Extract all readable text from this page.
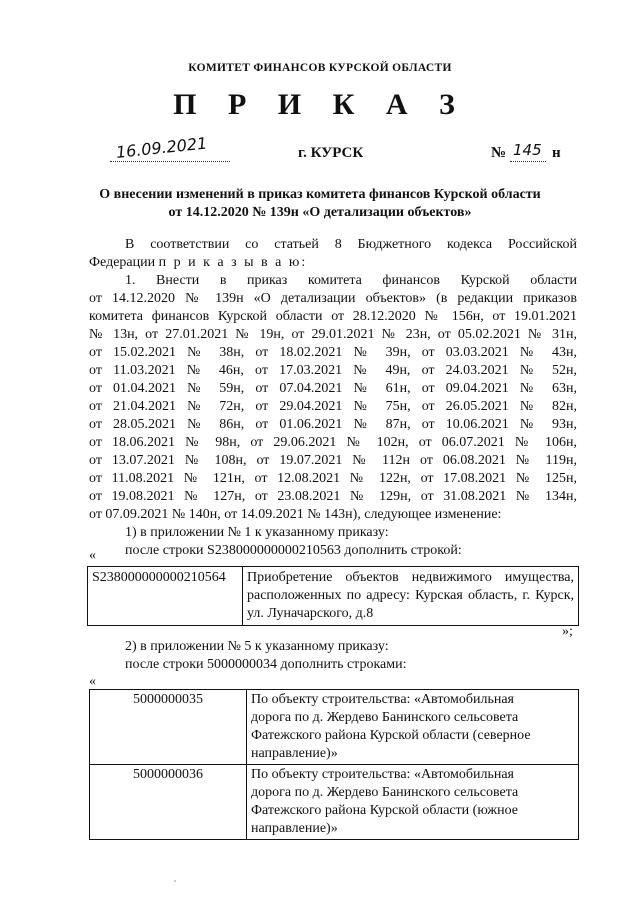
КОМИТЕТ ФИНАНСОВ КУРСКОЙ ОБЛАСТИ
П Р И К А З
16.09.2021	г. КУРСК	№ 145 н
О внесении изменений в приказ комитета финансов Курской области
от 14.12.2020 № 139н «О детализации объектов»
В соответствии со статьей 8 Бюджетного кодекса Российской
Федерации п р и к а з ы в а ю:
1. Внести в приказ комитета финансов Курской области
от 14.12.2020 № 139н «О детализации объектов» (в редакции приказов
комитета финансов Курской области от 28.12.2020 № 156н, от 19.01.2021
№ 13н, от 27.01.2021 № 19н, от 29.01.2021 № 23н, от 05.02.2021 № 31н,
от 15.02.2021 № 38н, от 18.02.2021 № 39н, от 03.03.2021 № 43н,
от 11.03.2021 № 46н, от 17.03.2021 № 49н, от 24.03.2021 № 52н,
от 01.04.2021 № 59н, от 07.04.2021 № 61н, от 09.04.2021 № 63н,
от 21.04.2021 № 72н, от 29.04.2021 № 75н, от 26.05.2021 № 82н,
от 28.05.2021 № 86н, от 01.06.2021 № 87н, от 10.06.2021 № 93н,
от 18.06.2021 № 98н, от 29.06.2021 № 102н, от 06.07.2021 № 106н,
от 13.07.2021 № 108н, от 19.07.2021 № 112н от 06.08.2021 № 119н,
от 11.08.2021 № 121н, от 12.08.2021 № 122н, от 17.08.2021 № 125н,
от 19.08.2021 № 127н, от 23.08.2021 № 129н, от 31.08.2021 № 134н,
от 07.09.2021 № 140н, от 14.09.2021 № 143н), следующее изменение:
1) в приложении № 1 к указанному приказу:
после строки S238000000000210563 дополнить строкой:
«
S238000000000210564	Приобретение объектов недвижимого имущества, расположенных по адресу: Курская область, г. Курск, ул. Луначарского, д.8
»;
2) в приложении № 5 к указанному приказу:
после строки 5000000034 дополнить строками:
«
5000000035	По объекту строительства: «Автомобильная
дорога по д. Жердево Банинского сельсовета
Фатежского района Курской области (северное
направление)»

5000000036	По объекту строительства: «Автомобильная
дорога по д. Жердево Банинского сельсовета
Фатежского района Курской области (южное
направление)»
